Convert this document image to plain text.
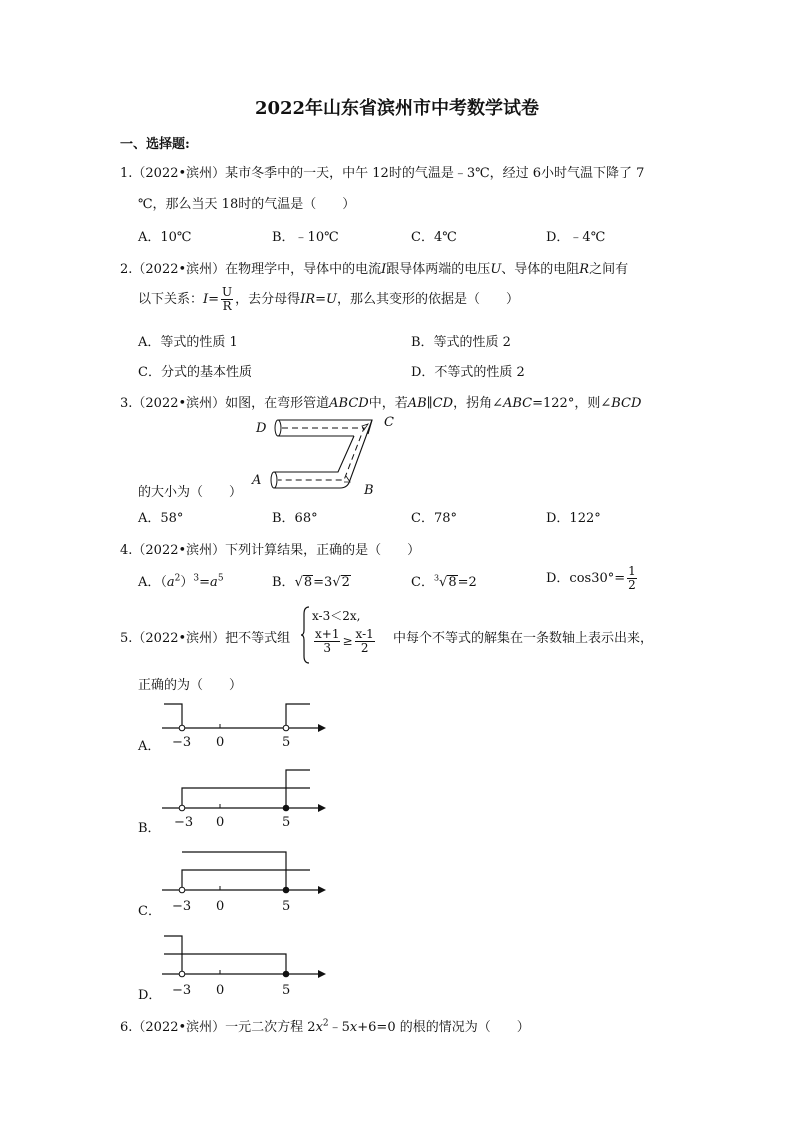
2022年山东省滨州市中考数学试卷
一、选择题:
1.（2022•滨州）某市冬季中的一天，中午 12时的气温是﹣3℃，经过 6小时气温下降了 7
℃，那么当天 18时的气温是（　　）
A．10℃	B．﹣10℃	C．4℃	D．﹣4℃
2.（2022•滨州）在物理学中，导体中的电流I跟导体两端的电压U、导体的电阻R之间有
以下关系：$I= \frac{U}{R}$ ，去分母得IR=U，那么其变形的依据是（　　）
A．等式的性质 1	B．等式的性质 2
C．分式的基本性质	D．不等式的性质 2
3.（2022•滨州）如图，在弯形管道ABCD中，若AB∥CD，拐角∠ABC=122°，则∠BCD
D	C
A
B
的大小为（　　）
A．58°	B．68°	C．78°	D．122°
4.（2022•滨州）下列计算结果，正确的是（　　）
A．$(a^2)^3=a^5$	B．√8=3√2	C．$^3$√8=2	D．$\cos 30^\circ= \frac{1}{2}$
5.（2022•滨州）把不等式组
x-3＜2x,
$\frac{x+1}{3} \ge \frac{x-1}{2}$ 中每个不等式的解集在一条数轴上表示出来，
正确的为（　　）
A． −3 0	5
B． −3 0	5
C． −3 0	5
D． −3 0	5
6.（2022•滨州）一元二次方程 $2x^2﹣5x+6=0$ 的根的情况为（　　）
